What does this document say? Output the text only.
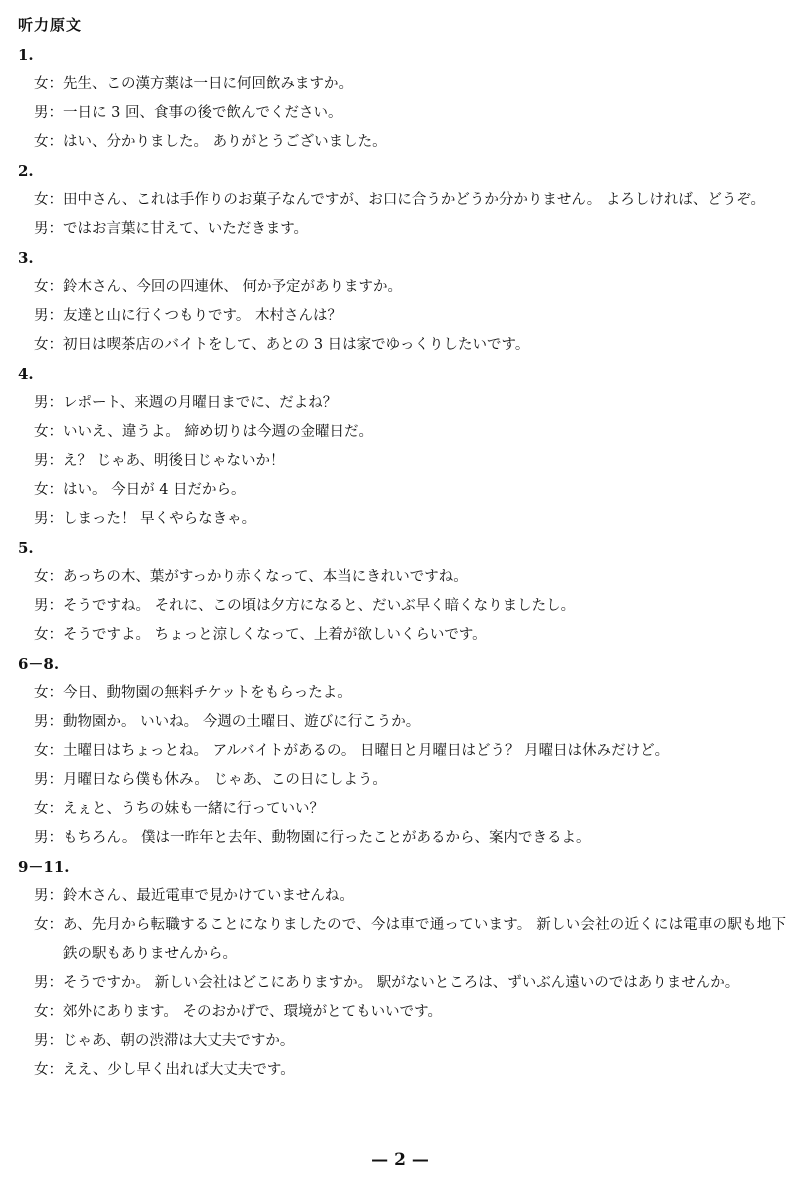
听力原文
1.
女： 先生、この漢方薬は一日に何回飲みますか。
男： 一日に 3 回、食事の後で飲んでください。
女： はい、分かりました。 ありがとうございました。
2.
女： 田中さん、これは手作りのお菓子なんですが、お口に合うかどうか分かりません。 よろしければ、どうぞ。
男： ではお言葉に甘えて、いただきます。
3.
女： 鈴木さん、今回の四連休、 何か予定がありますか。
男： 友達と山に行くつもりです。 木村さんは？
女： 初日は喫茶店のバイトをして、あとの 3 日は家でゆっくりしたいです。
4.
男： レポート、来週の月曜日までに、だよね？
女： いいえ、違うよ。 締め切りは今週の金曜日だ。
男： え？ じゃあ、明後日じゃないか！
女： はい。 今日が 4 日だから。
男： しまった！ 早くやらなきゃ。
5.
女： あっちの木、葉がすっかり赤くなって、本当にきれいですね。
男： そうですね。 それに、この頃は夕方になると、だいぶ早く暗くなりましたし。
女： そうですよ。 ちょっと涼しくなって、上着が欲しいくらいです。
6－8.
女： 今日、動物園の無料チケットをもらったよ。
男： 動物園か。 いいね。 今週の土曜日、遊びに行こうか。
女： 土曜日はちょっとね。 アルバイトがあるの。 日曜日と月曜日はどう？ 月曜日は休みだけど。
男： 月曜日なら僕も休み。 じゃあ、この日にしよう。
女： えぇと、うちの妹も一緒に行っていい？
男： もちろん。 僕は一昨年と去年、動物園に行ったことがあるから、案内できるよ。
9－11.
男： 鈴木さん、最近電車で見かけていませんね。
女： あ、先月から転職することになりましたので、今は車で通っています。 新しい会社の近くには電車の駅も地下鉄の駅もありませんから。
男： そうですか。 新しい会社はどこにありますか。 駅がないところは、ずいぶん遠いのではありませんか。
女： 郊外にあります。 そのおかげで、環境がとてもいいです。
男： じゃあ、朝の渋滞は大丈夫ですか。
女： ええ、少し早く出れば大丈夫です。
— 2 —
